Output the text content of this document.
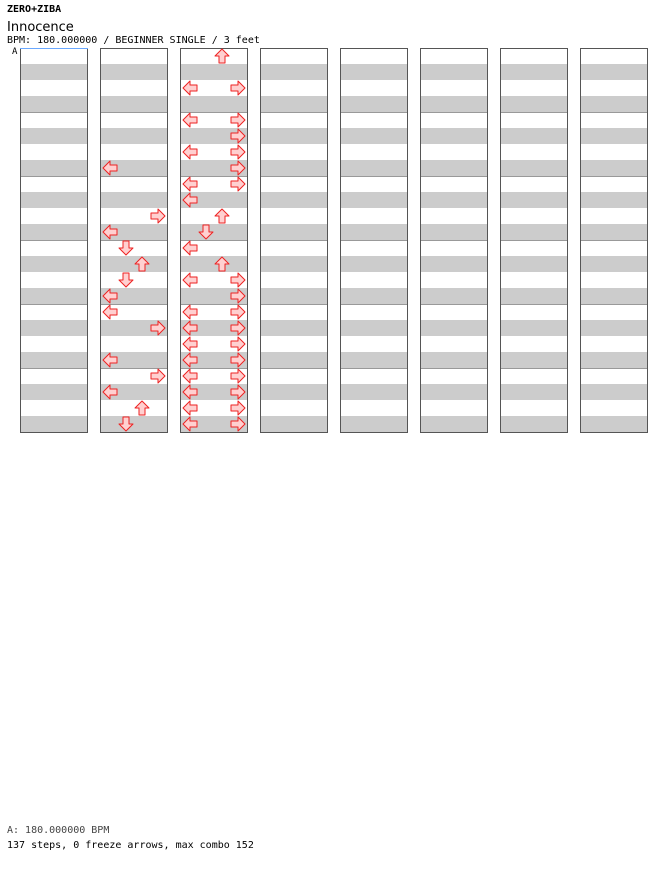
ZERO+ZIBA
Innocence
BPM: 180.000000 / BEGINNER SINGLE / 3 feet
A
A: 180.000000 BPM
137 steps, 0 freeze arrows, max combo 152
